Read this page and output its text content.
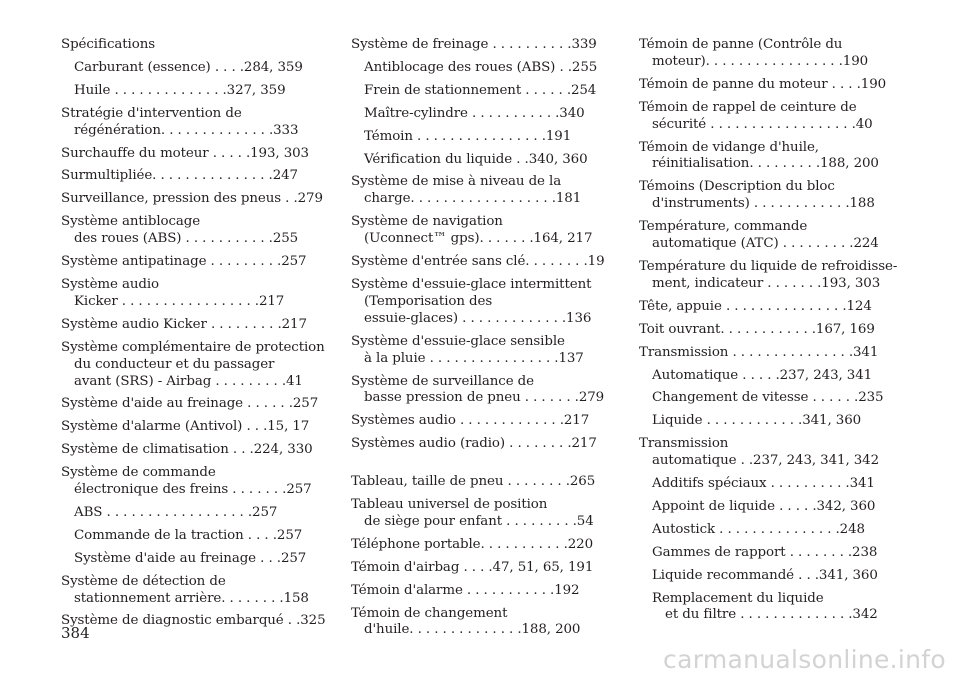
Spécifications
Carburant (essence) . . . .284, 359
Huile . . . . . . . . . . . . . .327, 359
Stratégie d'intervention de
régénération. . . . . . . . . . . . . .333
Surchauffe du moteur . . . . .193, 303
Surmultipliée. . . . . . . . . . . . . . .247
Surveillance, pression des pneus . .279
Système antiblocage
des roues (ABS) . . . . . . . . . . .255
Système antipatinage . . . . . . . . .257
Système audio
Kicker . . . . . . . . . . . . . . . . .217
Système audio Kicker . . . . . . . . .217
Système complémentaire de protection
du conducteur et du passager
avant (SRS) - Airbag . . . . . . . . .41
Système d'aide au freinage . . . . . .257
Système d'alarme (Antivol) . . .15, 17
Système de climatisation . . .224, 330
Système de commande
électronique des freins . . . . . . .257
ABS . . . . . . . . . . . . . . . . . .257
Commande de la traction . . . .257
Système d'aide au freinage . . .257
Système de détection de
stationnement arrière. . . . . . . .158
Système de diagnostic embarqué . .325
Système de freinage . . . . . . . . . .339
Antiblocage des roues (ABS) . .255
Frein de stationnement . . . . . .254
Maître-cylindre . . . . . . . . . . .340
Témoin . . . . . . . . . . . . . . . .191
Vérification du liquide . .340, 360
Système de mise à niveau de la
charge. . . . . . . . . . . . . . . . . .181
Système de navigation
(Uconnect™ gps). . . . . . .164, 217
Système d'entrée sans clé. . . . . . . .19
Système d'essuie-glace intermittent
(Temporisation des
essuie-glaces) . . . . . . . . . . . . .136
Système d'essuie-glace sensible
à la pluie . . . . . . . . . . . . . . . .137
Système de surveillance de
basse pression de pneu . . . . . . .279
Systèmes audio . . . . . . . . . . . . .217
Systèmes audio (radio) . . . . . . . .217
Tableau, taille de pneu . . . . . . . .265
Tableau universel de position
de siège pour enfant . . . . . . . . .54
Téléphone portable. . . . . . . . . . .220
Témoin d'airbag . . . .47, 51, 65, 191
Témoin d'alarme . . . . . . . . . . .192
Témoin de changement
d'huile. . . . . . . . . . . . . .188, 200
Témoin de panne (Contrôle du
moteur). . . . . . . . . . . . . . . . .190
Témoin de panne du moteur . . . .190
Témoin de rappel de ceinture de
sécurité . . . . . . . . . . . . . . . . . .40
Témoin de vidange d'huile,
réinitialisation. . . . . . . . .188, 200
Témoins (Description du bloc
d'instruments) . . . . . . . . . . . .188
Température, commande
automatique (ATC) . . . . . . . . .224
Température du liquide de refroidisse-
ment, indicateur . . . . . . .193, 303
Tête, appuie . . . . . . . . . . . . . . .124
Toit ouvrant. . . . . . . . . . . .167, 169
Transmission . . . . . . . . . . . . . . .341
Automatique . . . . .237, 243, 341
Changement de vitesse . . . . . .235
Liquide . . . . . . . . . . . .341, 360
Transmission
automatique . .237, 243, 341, 342
Additifs spéciaux . . . . . . . . . .341
Appoint de liquide . . . . .342, 360
Autostick . . . . . . . . . . . . . . .248
Gammes de rapport . . . . . . . .238
Liquide recommandé . . .341, 360
Remplacement du liquide
et du filtre . . . . . . . . . . . . . .342
384
carmanualsonline.info
